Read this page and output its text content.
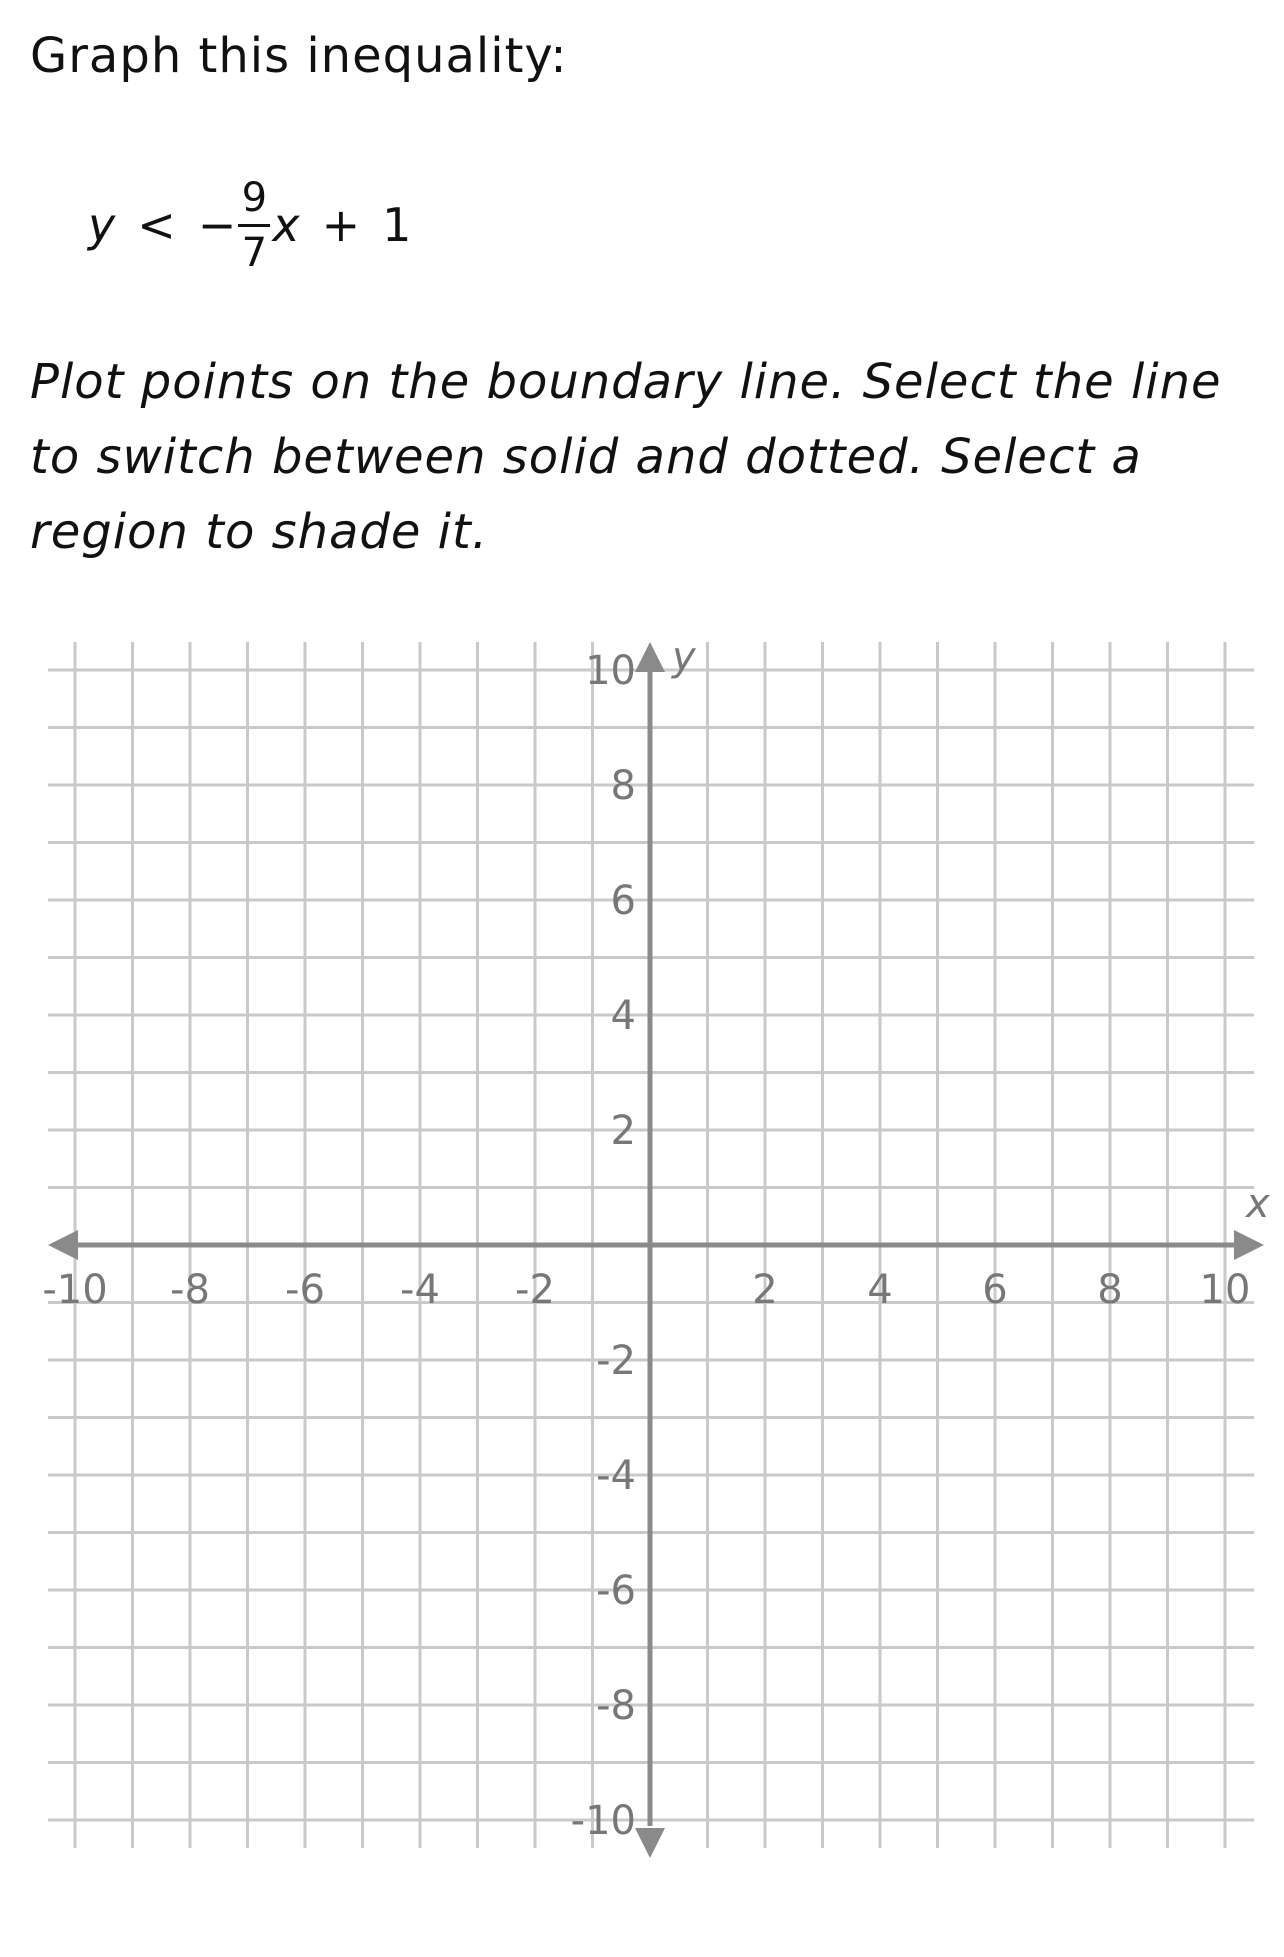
Graph this inequality:
y < − $\frac{9}{7}$ x + 1

Plot points on the boundary line. Select the line to switch between solid and dotted. Select a region to shade it.

x
y
-10 -8 -6 -4 -2	2 4 6 8 10
10
8
6
4
2
-2
-4
-6
-8
-10
